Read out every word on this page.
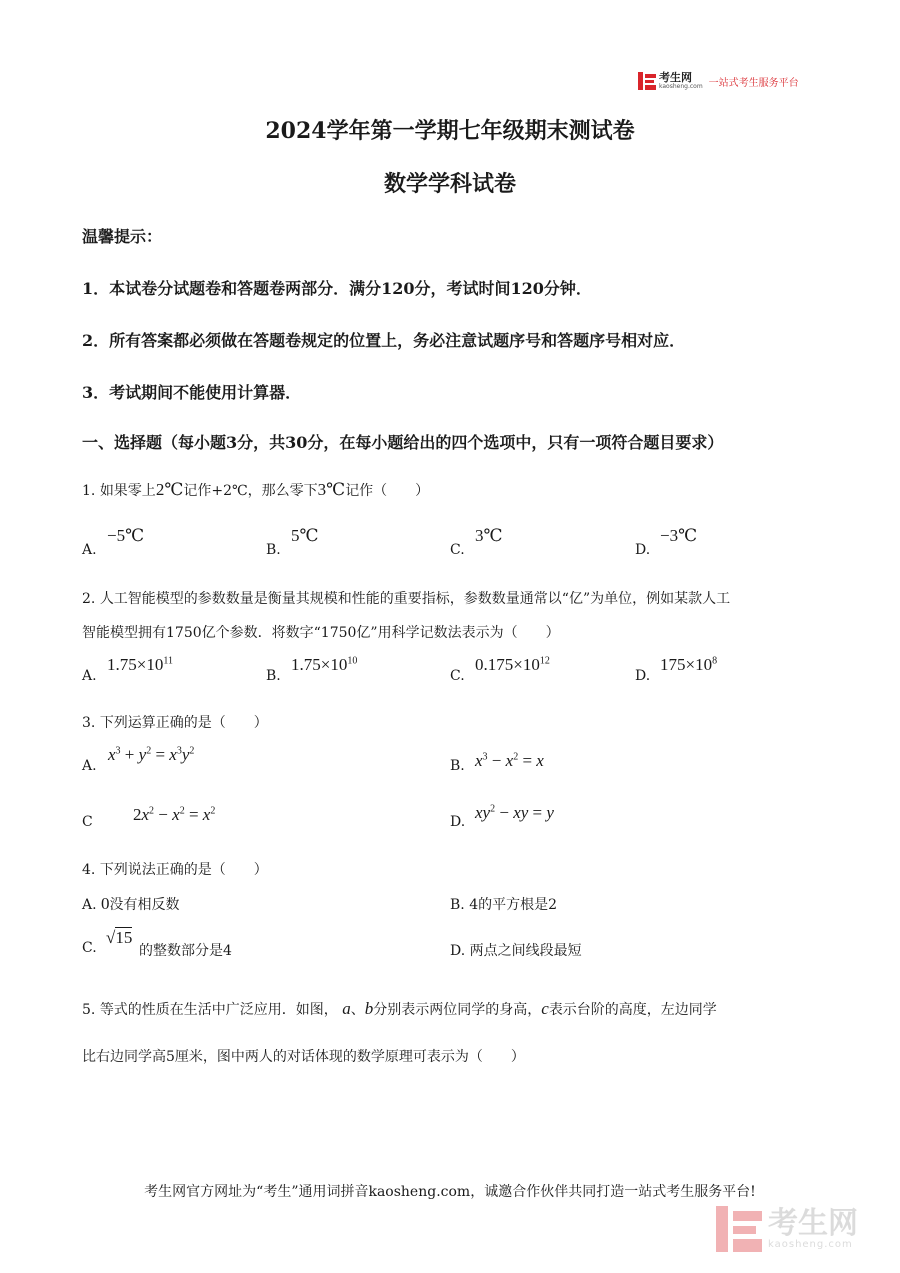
考生网
kaosheng.com 一站式考生服务平台
2024学年第一学期七年级期末测试卷
数学学科试卷
温馨提示：
1．本试卷分试题卷和答题卷两部分．满分120分，考试时间120分钟．
2．所有答案都必须做在答题卷规定的位置上，务必注意试题序号和答题序号相对应．
3．考试期间不能使用计算器．
一、选择题（每小题3分，共30分，在每小题给出的四个选项中，只有一项符合题目要求）
1. 如果零上2℃记作+2℃，那么零下3℃记作（　　）
A.
−5℃
B.
5℃
C.
3℃
D.
−3℃
2. 人工智能模型的参数数量是衡量其规模和性能的重要指标，参数数量通常以“亿”为单位，例如某款人工
智能模型拥有1750亿个参数．将数字“1750亿”用科学记数法表示为（　　）
A.
$1.75\times 10^{11}$
B.
$1.75\times 10^{10}$
C.
$0.175\times 10^{12}$
D.
$175\times 10^8$
3. 下列运算正确的是（　　）
A.
$x^3 + y^2 = x^3y^2$
B. $x^3 - x^2 = x$
C $2x^2 - x^2 = x^2$
D. $xy^2$ − xy = y
4. 下列说法正确的是（　　）
A. 0没有相反数	B. 4的平方根是2
C.
√15
的整数部分是4	D. 两点之间线段最短
5. 等式的性质在生活中广泛应用．如图， a、b分别表示两位同学的身高，c表示台阶的高度，左边同学
比右边同学高5厘米，图中两人的对话体现的数学原理可表示为（　　）
考生网官方网址为“考生”通用词拼音kaosheng.com，诚邀合作伙伴共同打造一站式考生服务平台!
考生网
kaosheng.com
